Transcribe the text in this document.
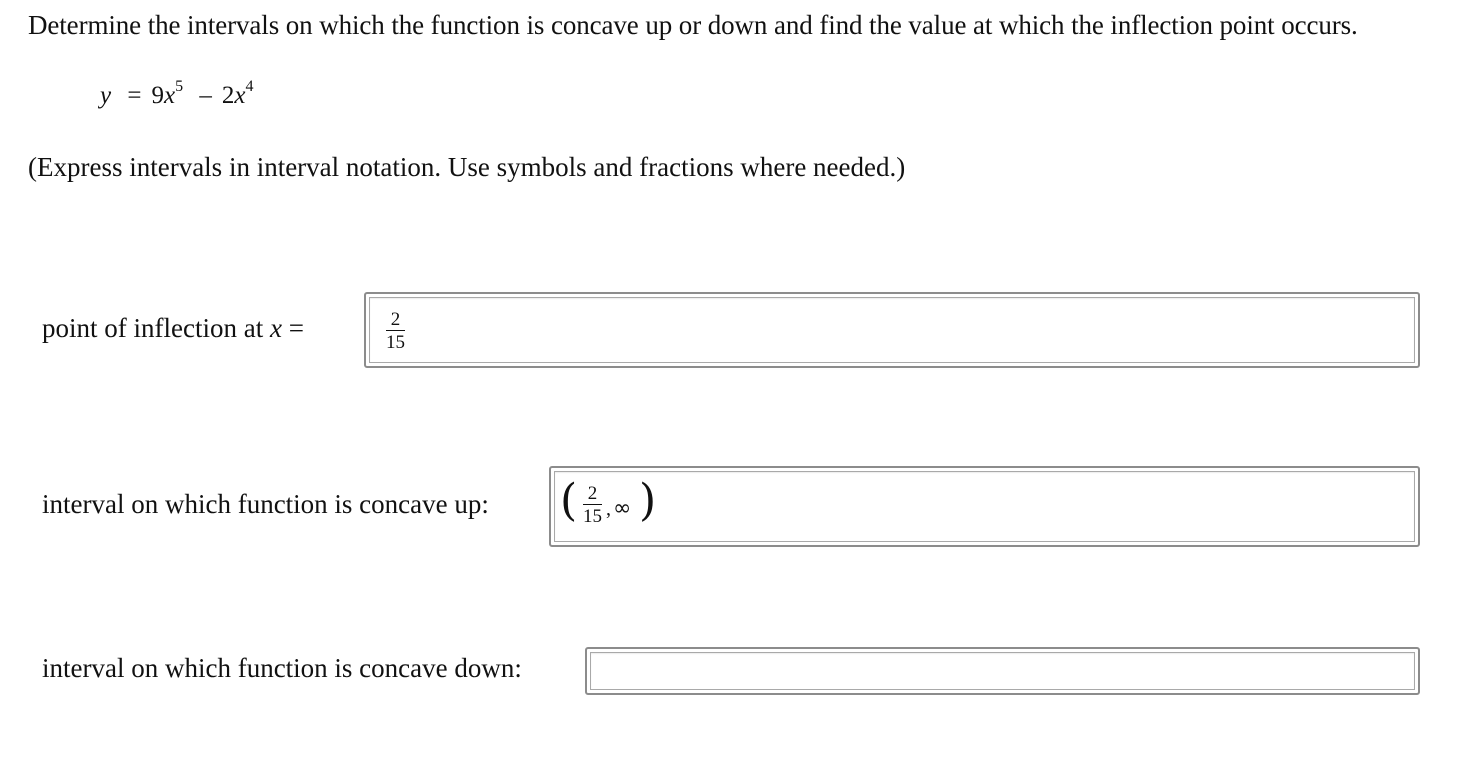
Determine the intervals on which the function is concave up or down and find the value at which the inflection point occurs.
$y = 9x^5 - 2x^4$
(Express intervals in interval notation. Use symbols and fractions where needed.)
point of inflection at x =	2
15
interval on which function is concave up: ( 2
15 , ∞ )
interval on which function is concave down:
